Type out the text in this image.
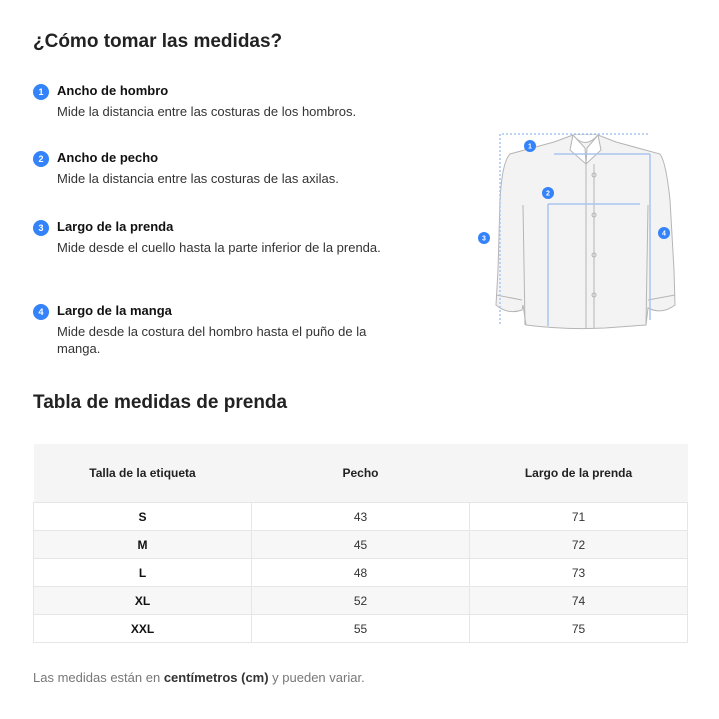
¿Cómo tomar las medidas?
1	Ancho de hombro
Mide la distancia entre las costuras de los hombros.
2	Ancho de pecho
Mide la distancia entre las costuras de las axilas.
3	Largo de la prenda
Mide desde el cuello hasta la parte inferior de la prenda.
4	Largo de la manga
Mide desde la costura del hombro hasta el puño de la manga.
1
2
3
4
Tabla de medidas de prenda
Talla de la etiqueta	Pecho	Largo de la prenda
S	43	71
M	45	72
L	48	73
XL	52	74
XXL	55	75
Las medidas están en centímetros (cm) y pueden variar.
